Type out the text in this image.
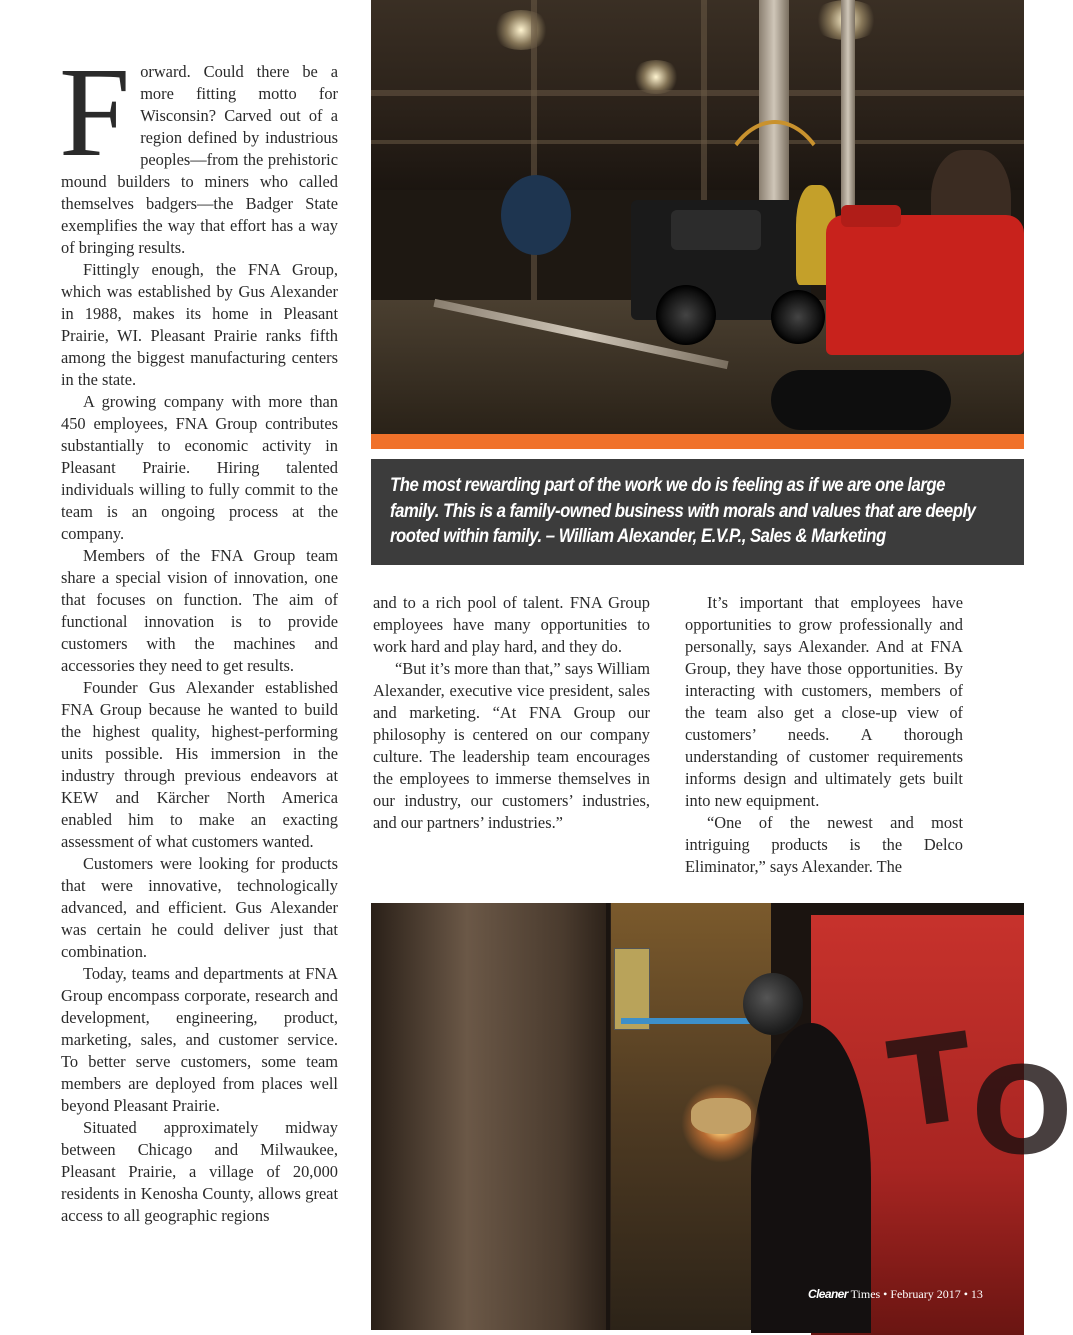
Forward. Could there be a more fitting motto for Wisconsin? Carved out of a region defined by industrious peoples—from the prehistoric mound builders to miners who called themselves badgers—the Badger State exemplifies the way that effort has a way of bringing results.

Fittingly enough, the FNA Group, which was established by Gus Alexander in 1988, makes its home in Pleasant Prairie, WI. Pleasant Prairie ranks fifth among the biggest manufacturing centers in the state.

A growing company with more than 450 employees, FNA Group contributes substantially to economic activity in Pleasant Prairie. Hiring talented individuals willing to fully commit to the team is an ongoing process at the company.

Members of the FNA Group team share a special vision of innovation, one that focuses on function. The aim of functional innovation is to provide customers with the machines and accessories they need to get results.

Founder Gus Alexander established FNA Group because he wanted to build the highest quality, highest-performing units possible. His immersion in the industry through previous endeavors at KEW and Kärcher North America enabled him to make an exacting assessment of what customers wanted.

Customers were looking for products that were innovative, technologically advanced, and efficient. Gus Alexander was certain he could deliver just that combination.

Today, teams and departments at FNA Group encompass corporate, research and development, engineering, product, marketing, sales, and customer service. To better serve customers, some team members are deployed from places well beyond Pleasant Prairie.

Situated approximately midway between Chicago and Milwaukee, Pleasant Prairie, a village of 20,000 residents in Kenosha County, allows great access to all geographic regions

The most rewarding part of the work we do is feeling as if we are one large family. This is a family-owned business with morals and values that are deeply rooted within family. – William Alexander, E.V.P., Sales & Marketing

and to a rich pool of talent. FNA Group employees have many opportunities to work hard and play hard, and they do.

“But it’s more than that,” says William Alexander, executive vice president, sales and marketing. “At FNA Group our philosophy is centered on our company culture. The leadership team encourages the employees to immerse themselves in our industry, our customers’ industries, and our partners’ industries.”

It’s important that employees have opportunities to grow professionally and personally, says Alexander. And at FNA Group, they have those opportunities. By interacting with customers, members of the team also get a close-up view of customers’ needs. A thorough understanding of customer requirements informs design and ultimately gets built into new equipment.

“One of the newest and most intriguing products is the Delco Eliminator,” says Alexander. The

T
O
Cleaner Times • February 2017 • 13
